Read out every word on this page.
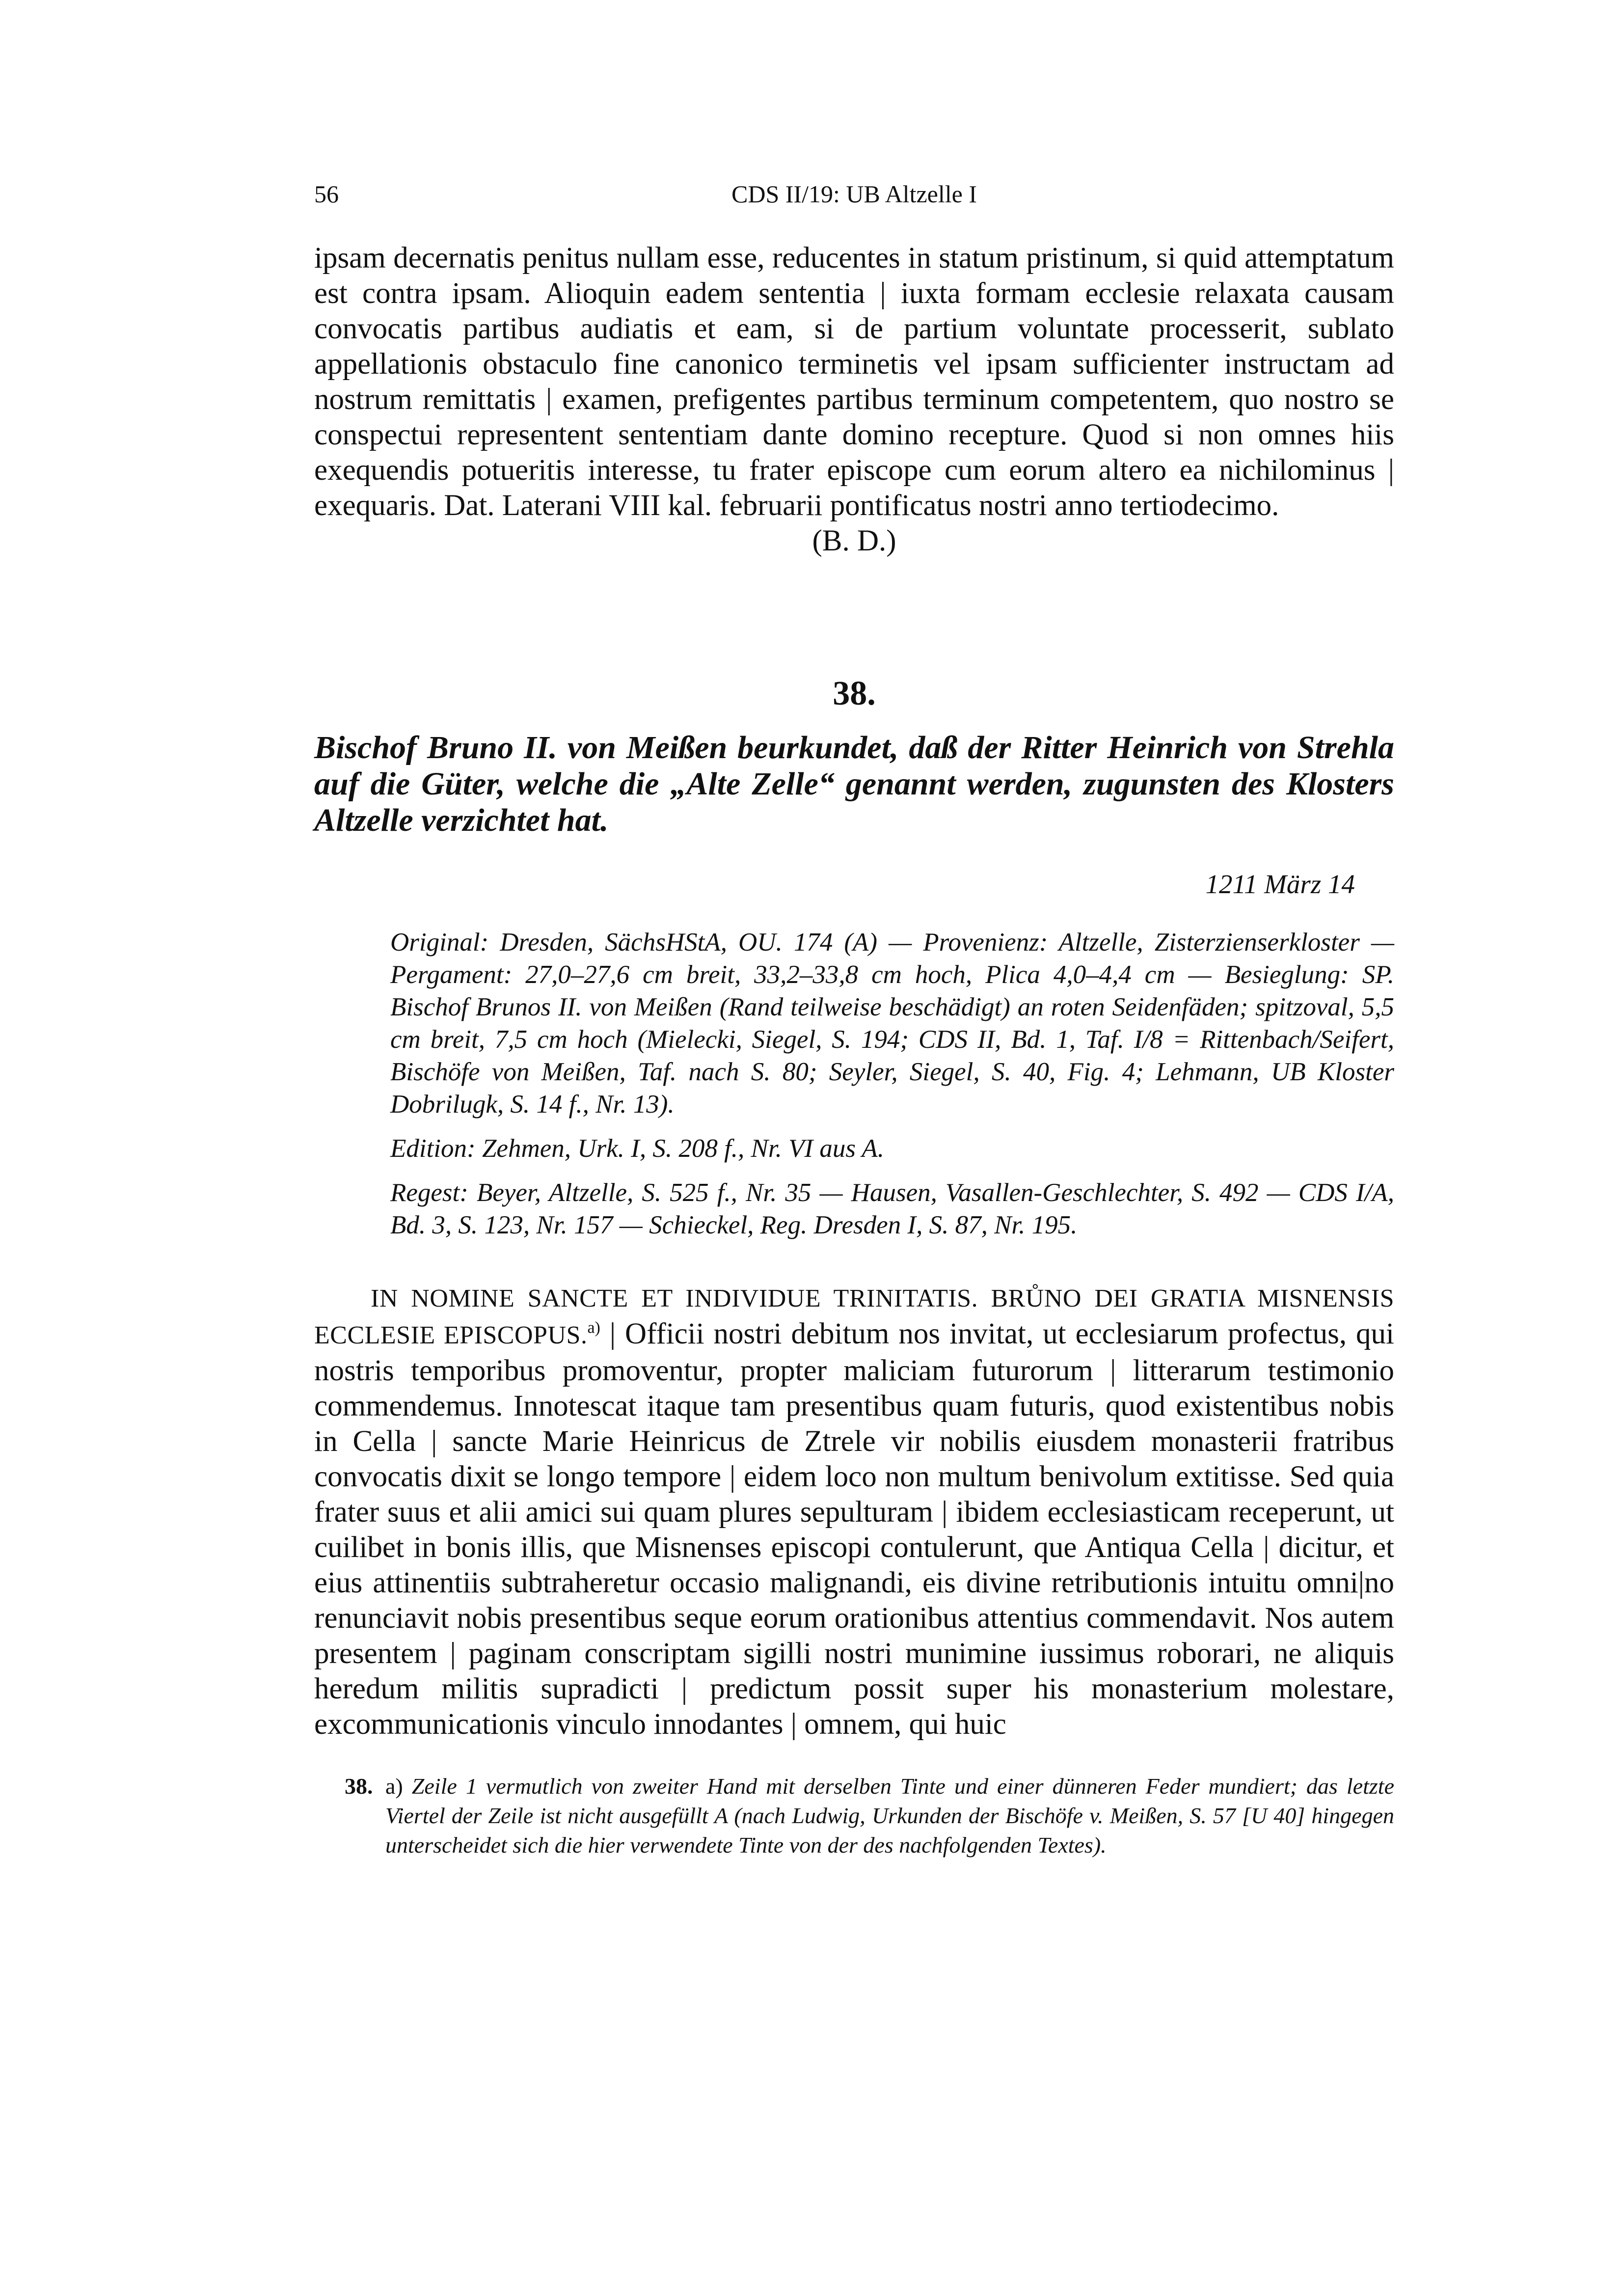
56	CDS II/19: UB Altzelle I

ipsam decernatis penitus nullam esse, reducentes in statum pristinum, si quid attemptatum est contra ipsam. Alioquin eadem sententia | iuxta formam ecclesie relaxata causam convocatis partibus audiatis et eam, si de partium voluntate processerit, sublato appellationis obstaculo fine canonico terminetis vel ipsam sufficienter instructam ad nostrum remittatis | examen, prefigentes partibus terminum competentem, quo nostro se conspectui representent sententiam dante domino recepture. Quod si non omnes hiis exequendis potueritis interesse, tu frater episcope cum eorum altero ea nichilominus | exequaris. Dat. Laterani VIII kal. februarii pontificatus nostri anno tertiodecimo.

(B. D.)

38.
Bischof Bruno II. von Meißen beurkundet, daß der Ritter Heinrich von Strehla auf die Güter, welche die „Alte Zelle“ genannt werden, zugunsten des Klosters Altzelle verzichtet hat.
1211 März 14

Original: Dresden, SächsHStA, OU. 174 (A) — Provenienz: Altzelle, Zisterzienserkloster — Pergament: 27,0–27,6 cm breit, 33,2–33,8 cm hoch, Plica 4,0–4,4 cm — Besieglung: SP. Bischof Brunos II. von Meißen (Rand teilweise beschädigt) an roten Seidenfäden; spitzoval, 5,5 cm breit, 7,5 cm hoch (Mielecki, Siegel, S. 194; CDS II, Bd. 1, Taf. I/8 = Rittenbach/Seifert, Bischöfe von Meißen, Taf. nach S. 80; Seyler, Siegel, S. 40, Fig. 4; Lehmann, UB Kloster Dobrilugk, S. 14 f., Nr. 13).

Edition: Zehmen, Urk. I, S. 208 f., Nr. VI aus A.

Regest: Beyer, Altzelle, S. 525 f., Nr. 35 — Hausen, Vasallen-Geschlechter, S. 492 — CDS I/A, Bd. 3, S. 123, Nr. 157 — Schieckel, Reg. Dresden I, S. 87, Nr. 195.

IN NOMINE SANCTE ET INDIVIDUE TRINITATIS. BRŮNO DEI GRATIA MISNENSIS ECCLESIE EPISCOPUS.$^{a)}$ | Officii nostri debitum nos invitat, ut ecclesiarum profectus, qui nostris temporibus promoventur, propter maliciam futurorum | litterarum testimonio commendemus. Innotescat itaque tam presentibus quam futuris, quod existentibus nobis in Cella | sancte Marie Heinricus de Ztrele vir nobilis eiusdem monasterii fratribus convocatis dixit se longo tempore | eidem loco non multum benivolum extitisse. Sed quia frater suus et alii amici sui quam plures sepulturam | ibidem ecclesiasticam receperunt, ut cuilibet in bonis illis, que Misnenses episcopi contulerunt, que Antiqua Cella | dicitur, et eius attinentiis subtraheretur occasio malignandi, eis divine retributionis intuitu omni|no renunciavit nobis presentibus seque eorum orationibus attentius commendavit. Nos autem presentem | paginam conscriptam sigilli nostri munimine iussimus roborari, ne aliquis heredum militis supradicti | predictum possit super his monasterium molestare, excommunicationis vinculo innodantes | omnem, qui huic

38. a) Zeile 1 vermutlich von zweiter Hand mit derselben Tinte und einer dünneren Feder mundiert; das letzte Viertel der Zeile ist nicht ausgefüllt A (nach Ludwig, Urkunden der Bischöfe v. Meißen, S. 57 [U 40] hingegen unterscheidet sich die hier verwendete Tinte von der des nachfolgenden Textes).
